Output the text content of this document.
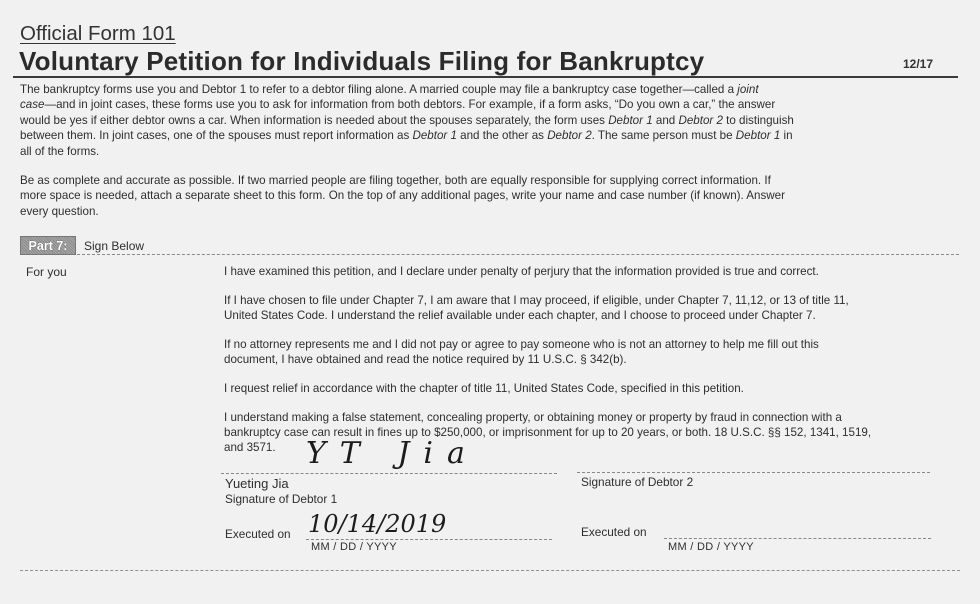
Official Form 101
Voluntary Petition for Individuals Filing for Bankruptcy	12/17
The bankruptcy forms use you and Debtor 1 to refer to a debtor filing alone. A married couple may file a bankruptcy case together—called a joint
case—and in joint cases, these forms use you to ask for information from both debtors. For example, if a form asks, “Do you own a car,” the answer
would be yes if either debtor owns a car. When information is needed about the spouses separately, the form uses Debtor 1 and Debtor 2 to distinguish
between them. In joint cases, one of the spouses must report information as Debtor 1 and the other as Debtor 2. The same person must be Debtor 1 in
all of the forms.
Be as complete and accurate as possible. If two married people are filing together, both are equally responsible for supplying correct information. If
more space is needed, attach a separate sheet to this form. On the top of any additional pages, write your name and case number (if known). Answer
every question.
Part 7:	Sign Below
For you	I have examined this petition, and I declare under penalty of perjury that the information provided is true and correct.
If I have chosen to file under Chapter 7, I am aware that I may proceed, if eligible, under Chapter 7, 11,12, or 13 of title 11,
United States Code. I understand the relief available under each chapter, and I choose to proceed under Chapter 7.
If no attorney represents me and I did not pay or agree to pay someone who is not an attorney to help me fill out this
document, I have obtained and read the notice required by 11 U.S.C. § 342(b).
I request relief in accordance with the chapter of title 11, United States Code, specified in this petition.
I understand making a false statement, concealing property, or obtaining money or property by fraud in connection with a
bankruptcy case can result in fines up to $250,000, or imprisonment for up to 20 years, or both. 18 U.S.C. §§ 152, 1341, 1519,
and 3571.	YT Jia
Yueting Jia
Signature of Debtor 1
Signature of Debtor 2
Executed on 10/14/2019
MM / DD / YYYY
Executed on
MM / DD / YYYY
